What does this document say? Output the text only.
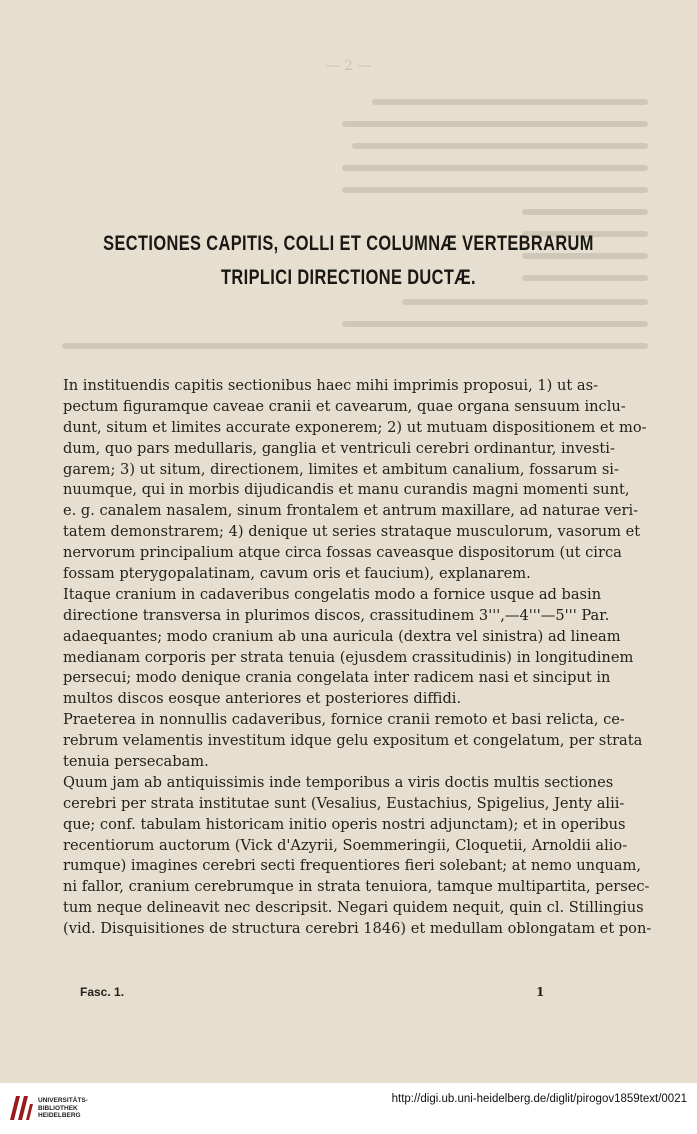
— 2 —
SECTIONES CAPITIS, COLLI ET COLUMNÆ VERTEBRARUM
TRIPLICI DIRECTIONE DUCTÆ.
In instituendis capitis sectionibus haec mihi imprimis proposui, 1) ut as-
pectum figuramque caveae cranii et cavearum, quae organa sensuum inclu-
dunt, situm et limites accurate exponerem; 2) ut mutuam dispositionem et mo-
dum, quo pars medullaris, ganglia et ventriculi cerebri ordinantur, investi-
garem; 3) ut situm, directionem, limites et ambitum canalium, fossarum si-
nuumque, qui in morbis dijudicandis et manu curandis magni momenti sunt,
e. g. canalem nasalem, sinum frontalem et antrum maxillare, ad naturae veri-
tatem demonstrarem; 4) denique ut series strataque musculorum, vasorum et
nervorum principalium atque circa fossas caveasque dispositorum (ut circa
fossam pterygopalatinam, cavum oris et faucium), explanarem.
Itaque cranium in cadaveribus congelatis modo a fornice usque ad basin
directione transversa in plurimos discos, crassitudinem 3''',—4'''—5''' Par.
adaequantes; modo cranium ab una auricula (dextra vel sinistra) ad lineam
medianam corporis per strata tenuia (ejusdem crassitudinis) in longitudinem
persecui; modo denique crania congelata inter radicem nasi et sinciput in
multos discos eosque anteriores et posteriores diffidi.
Praeterea in nonnullis cadaveribus, fornice cranii remoto et basi relicta, ce-
rebrum velamentis investitum idque gelu expositum et congelatum, per strata
tenuia persecabam.
Quum jam ab antiquissimis inde temporibus a viris doctis multis sectiones
cerebri per strata institutae sunt (Vesalius, Eustachius, Spigelius, Jenty alii-
que; conf. tabulam historicam initio operis nostri adjunctam); et in operibus
recentiorum auctorum (Vick d'Azyrii, Soemmeringii, Cloquetii, Arnoldii alio-
rumque) imagines cerebri secti frequentiores fieri solebant; at nemo unquam,
ni fallor, cranium cerebrumque in strata tenuiora, tamque multipartita, persec-
tum neque delineavit nec descripsit. Negari quidem nequit, quin cl. Stillingius
(vid. Disquisitiones de structura cerebri 1846) et medullam oblongatam et pon-
Fasc. 1.	1
UNIVERSITÄTS-
BIBLIOTHEK
HEIDELBERG
http://digi.ub.uni-heidelberg.de/diglit/pirogov1859text/0021
